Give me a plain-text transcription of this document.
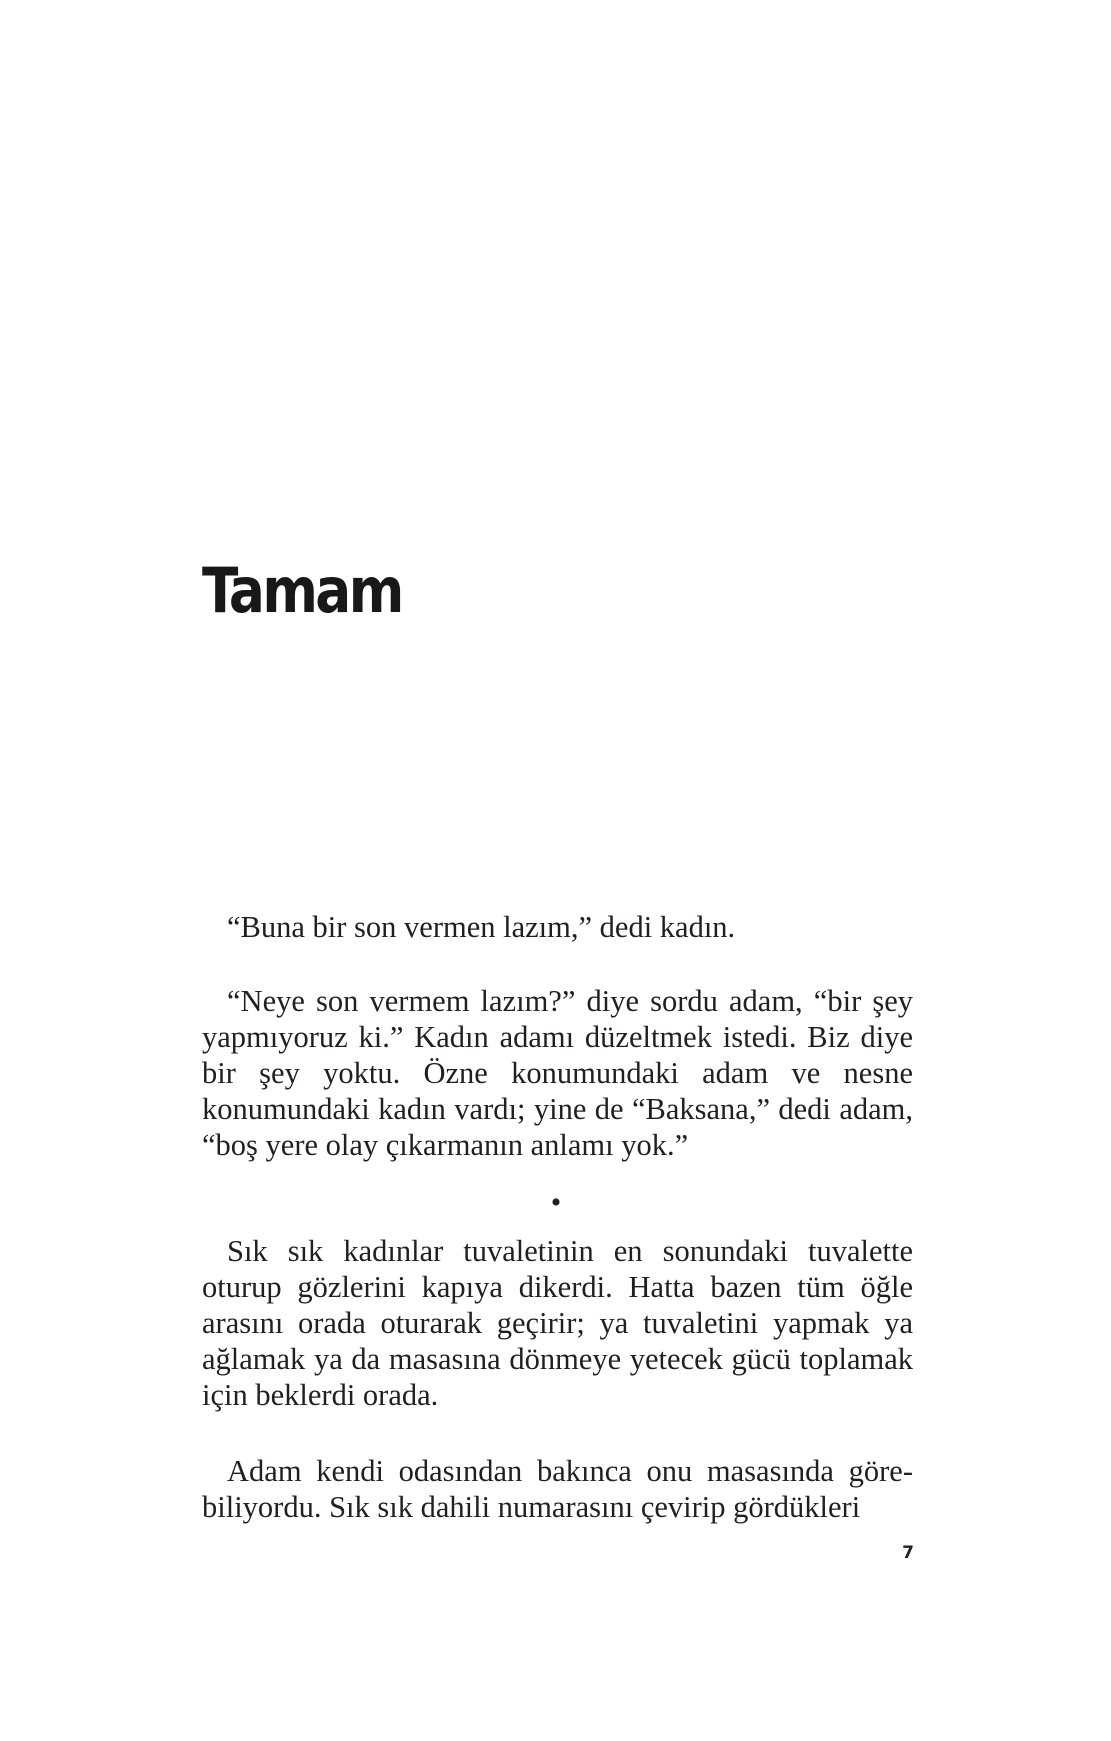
Tamam

“Buna bir son vermen lazım,” dedi kadın.

“Neye son vermem lazım?” diye sordu adam, “bir şey yapmıyoruz ki.” Kadın adamı düzeltmek istedi. Biz diye bir şey yoktu. Özne konumundaki adam ve nesne konumundaki kadın vardı; yine de “Baksana,” dedi adam, “boş yere olay çıkarmanın anlamı yok.”

•

Sık sık kadınlar tuvaletinin en sonundaki tuvalette oturup gözlerini kapıya dikerdi. Hatta bazen tüm öğle arasını orada oturarak geçirir; ya tuvaletini yapmak ya ağlamak ya da masasına dönmeye yetecek gücü toplamak için beklerdi orada.

Adam kendi odasından bakınca onu masasında görebiliyordu. Sık sık dahili numarasını çevirip gördükleri

7
